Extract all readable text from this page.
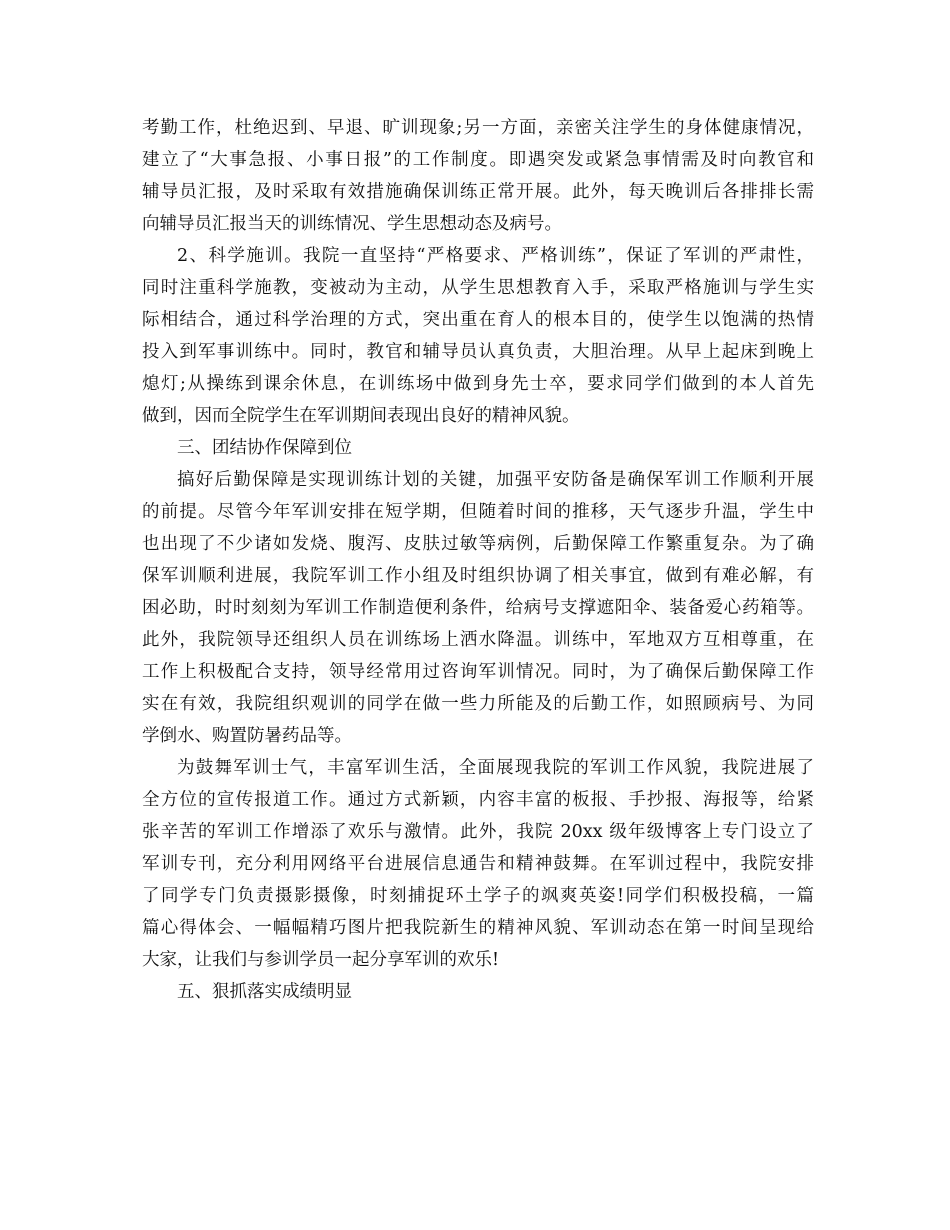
考勤工作，杜绝迟到、早退、旷训现象;另一方面，亲密关注学生的身体健康情况，
建立了“大事急报、小事日报”的工作制度。即遇突发或紧急事情需及时向教官和
辅导员汇报，及时采取有效措施确保训练正常开展。此外，每天晚训后各排排长需
向辅导员汇报当天的训练情况、学生思想动态及病号。
2、科学施训。我院一直坚持“严格要求、严格训练”，保证了军训的严肃性，
同时注重科学施教，变被动为主动，从学生思想教育入手，采取严格施训与学生实
际相结合，通过科学治理的方式，突出重在育人的根本目的，使学生以饱满的热情
投入到军事训练中。同时，教官和辅导员认真负责，大胆治理。从早上起床到晚上
熄灯;从操练到课余休息，在训练场中做到身先士卒，要求同学们做到的本人首先
做到，因而全院学生在军训期间表现出良好的精神风貌。
三、团结协作保障到位
搞好后勤保障是实现训练计划的关键，加强平安防备是确保军训工作顺利开展
的前提。尽管今年军训安排在短学期，但随着时间的推移，天气逐步升温，学生中
也出现了不少诸如发烧、腹泻、皮肤过敏等病例，后勤保障工作繁重复杂。为了确
保军训顺利进展，我院军训工作小组及时组织协调了相关事宜，做到有难必解，有
困必助，时时刻刻为军训工作制造便利条件，给病号支撑遮阳伞、装备爱心药箱等。
此外，我院领导还组织人员在训练场上洒水降温。训练中，军地双方互相尊重，在
工作上积极配合支持，领导经常用过咨询军训情况。同时，为了确保后勤保障工作
实在有效，我院组织观训的同学在做一些力所能及的后勤工作，如照顾病号、为同
学倒水、购置防暑药品等。
为鼓舞军训士气，丰富军训生活，全面展现我院的军训工作风貌，我院进展了
全方位的宣传报道工作。通过方式新颖，内容丰富的板报、手抄报、海报等，给紧
张辛苦的军训工作增添了欢乐与激情。此外，我院 20xx 级年级博客上专门设立了
军训专刊，充分利用网络平台进展信息通告和精神鼓舞。在军训过程中，我院安排
了同学专门负责摄影摄像，时刻捕捉环土学子的飒爽英姿!同学们积极投稿，一篇
篇心得体会、一幅幅精巧图片把我院新生的精神风貌、军训动态在第一时间呈现给
大家，让我们与参训学员一起分享军训的欢乐!
五、狠抓落实成绩明显
